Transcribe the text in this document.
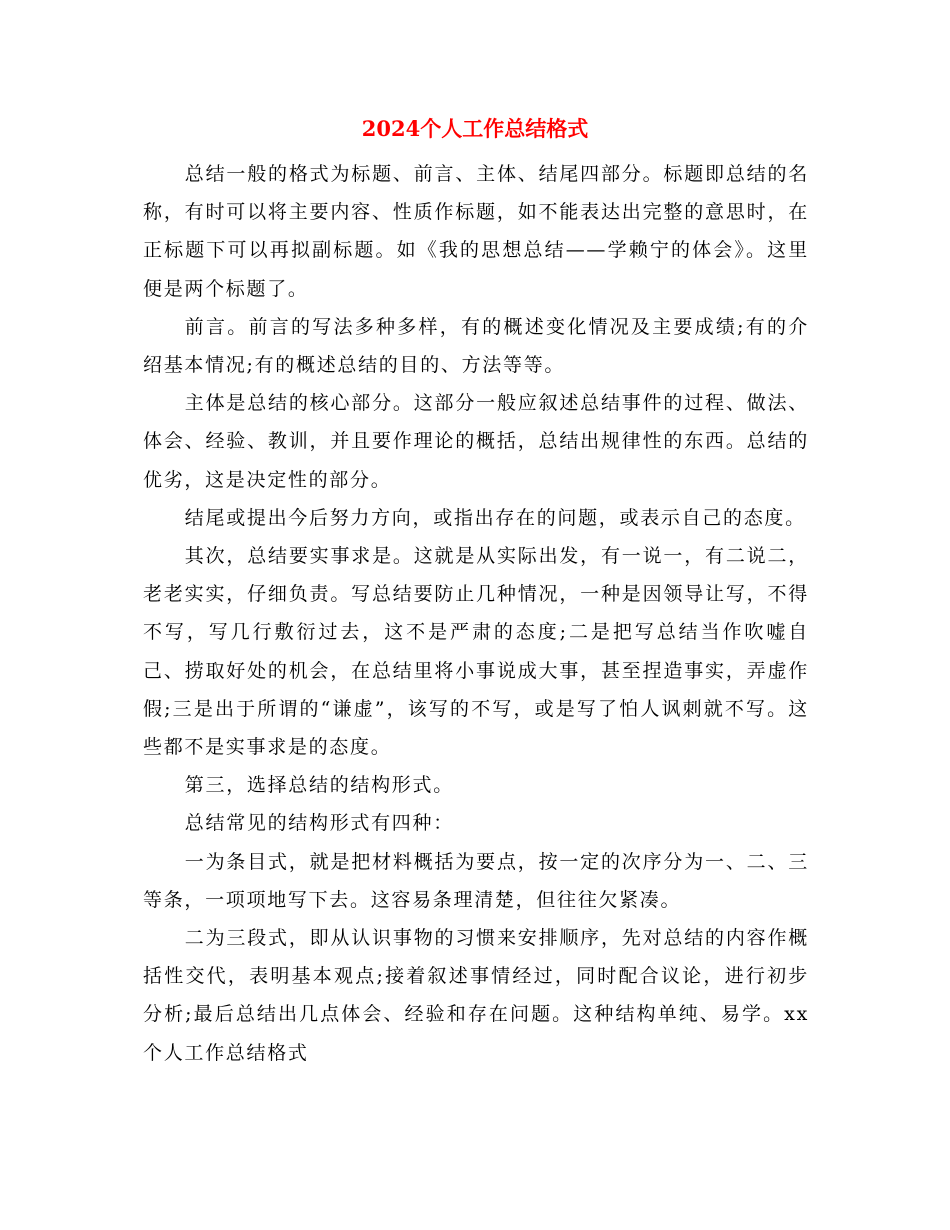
2024个人工作总结格式

总结一般的格式为标题、前言、主体、结尾四部分。标题即总结的名称，有时可以将主要内容、性质作标题，如不能表达出完整的意思时，在正标题下可以再拟副标题。如《我的思想总结——学赖宁的体会》。这里便是两个标题了。

前言。前言的写法多种多样，有的概述变化情况及主要成绩;有的介绍基本情况;有的概述总结的目的、方法等等。

主体是总结的核心部分。这部分一般应叙述总结事件的过程、做法、体会、经验、教训，并且要作理论的概括，总结出规律性的东西。总结的优劣，这是决定性的部分。

结尾或提出今后努力方向，或指出存在的问题，或表示自己的态度。

其次，总结要实事求是。这就是从实际出发，有一说一，有二说二，老老实实，仔细负责。写总结要防止几种情况，一种是因领导让写，不得不写，写几行敷衍过去，这不是严肃的态度;二是把写总结当作吹嘘自己、捞取好处的机会，在总结里将小事说成大事，甚至捏造事实，弄虚作假;三是出于所谓的“谦虚”，该写的不写，或是写了怕人讽刺就不写。这些都不是实事求是的态度。

第三，选择总结的结构形式。

总结常见的结构形式有四种：

一为条目式，就是把材料概括为要点，按一定的次序分为一、二、三等条，一项项地写下去。这容易条理清楚，但往往欠紧凑。

二为三段式，即从认识事物的习惯来安排顺序，先对总结的内容作概括性交代，表明基本观点;接着叙述事情经过，同时配合议论，进行初步分析;最后总结出几点体会、经验和存在问题。这种结构单纯、易学。xx个人工作总结格式
